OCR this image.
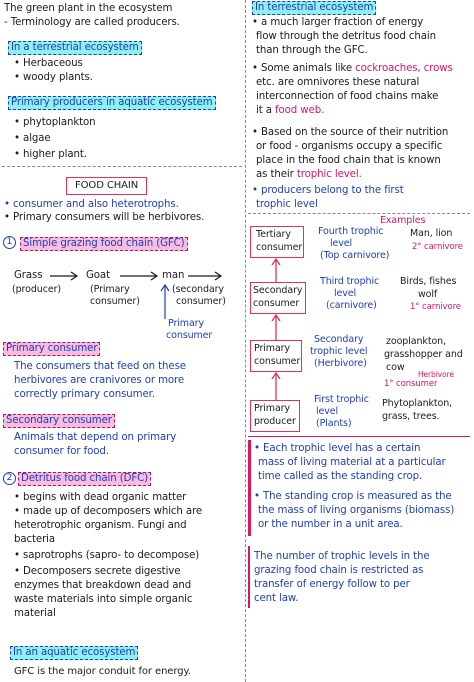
The green plant in the ecosystem
- Terminology are called producers.
In a terrestrial ecosystem
• Herbaceous
• woody plants.
Primary producers in aquatic ecosystem
• phytoplankton
• algae
• higher plant.
FOOD CHAIN
• consumer and also heterotrophs.
• Primary consumers will be herbivores.
1	Simple grazing food chain (GFC)
Grass
(producer)
Goat
(Primary
consumer)
man
(secondary
consumer)
Primary
consumer
Primary consumer
The consumers that feed on these
herbivores are cranivores or more
correctly primary consumer.
Secondary consumer
Animals that depend on primary
consumer for food.
2 Detritus food chain (DFC)
• begins with dead organic matter
• made up of decomposers which are
heterotrophic organism. Fungi and
bacteria
• saprotrophs (sapro- to decompose)
• Decomposers secrete digestive
enzymes that breakdown dead and
waste materials into simple organic
material
In an aquatic ecosystem
GFC is the major conduit for energy.
In terrestrial ecosystem
• a much larger fraction of energy
flow through the detritus food chain
than through the GFC.
• Some animals like cockroaches, crows
etc. are omnivores these natural
interconnection of food chains make
it a food web.
• Based on the source of their nutrition
or food - organisms occupy a specific
place in the food chain that is known
as their trophic level.
• producers belong to the first
trophic level
Examples
Tertiary
consumer
Secondary
consumer
Primary
consumer
Primary
producer
Fourth trophic
level
(Top carnivore)
Third trophic
level
(carnivore)
Secondary
trophic level
(Herbivore)
First trophic
level
(Plants)
Man, lion
2° carnivore
Birds, fishes
wolf
1° carnivore
zooplankton,
grasshopper and
cow
Herbivore
1° consumer
Phytoplankton,
grass, trees.
• Each trophic level has a certain
mass of living material at a particular
time called as the standing crop.
• The standing crop is measured as the
the mass of living organisms (biomass)
or the number in a unit area.
The number of trophic levels in the
grazing food chain is restricted as
transfer of energy follow to per
cent law.
